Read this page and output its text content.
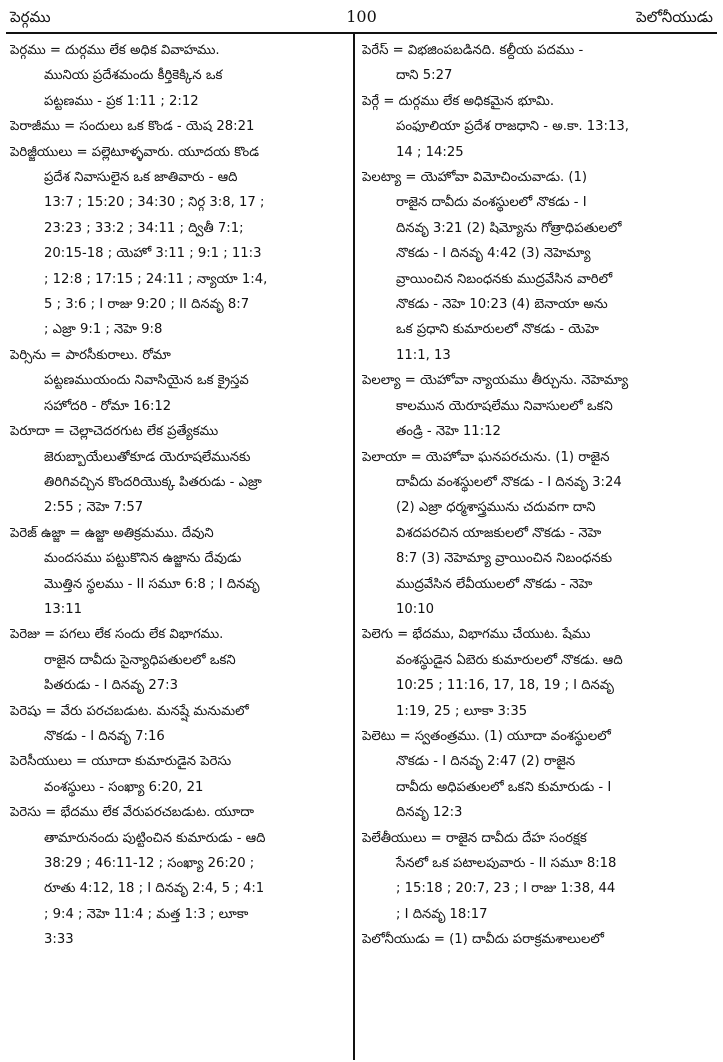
పెర్గము	100	పెలోనీయుడు
పెర్గము = దుర్గము లేక అధిక వివాహము.
మునియ ప్రదేశమందు కీర్తికెక్కిన ఒక
పట్టణము - ప్రక 1:11 ; 2:12
పెరాజీము = సందులు ఒక కొండ - యెష 28:21
పెరిజ్జీయులు = పల్లెటూళ్ళవారు. యూదయ కొండ
ప్రదేశ నివాసులైన ఒక జాతివారు - ఆది
13:7 ; 15:20 ; 34:30 ; నిర్గ 3:8, 17 ;
23:23 ; 33:2 ; 34:11 ; ద్వితీ 7:1;
20:15-18 ; యెహో 3:11 ; 9:1 ; 11:3
; 12:8 ; 17:15 ; 24:11 ; న్యాయా 1:4,
5 ; 3:6 ; I రాజు 9:20 ; II దినవృ 8:7
; ఎజ్రా 9:1 ; నెహె 9:8
పెర్సిను = పారసీకురాలు. రోమా
పట్టణముయందు నివాసియైన ఒక క్రైస్తవ
సహోదరి - రోమా 16:12
పెరూదా = చెల్లాచెదరగుట లేక ప్రత్యేకము
జెరుబ్బాయేలుతోకూడ యెరూషలేమునకు
తిరిగివచ్చిన కొందరియొక్క పితరుడు - ఎజ్రా
2:55 ; నెహె 7:57
పెరెజ్ ఉజ్జా = ఉజ్జా అతిక్రమము. దేవుని
మందసము పట్టుకొనిన ఉజ్జాను దేవుడు
మొత్తిన స్థలము - II సమూ 6:8 ; I దినవృ
13:11
పెరెజు = పగలు లేక సందు లేక విభాగము.
రాజైన దావీదు సైన్యాధిపతులలో ఒకని
పితరుడు - I దినవృ 27:3
పెరెషు = వేరు పరచబడుట. మనష్షే మనుమలో
నొకడు - I దినవృ 7:16
పెరెసీయులు = యూదా కుమారుడైన పెరెసు
వంశస్థులు - సంఖ్యా 6:20, 21
పెరెసు = భేదము లేక వేరుపరచబడుట. యూదా
తామారునందు పుట్టించిన కుమారుడు - ఆది
38:29 ; 46:11-12 ; సంఖ్యా 26:20 ;
రూతు 4:12, 18 ; I దినవృ 2:4, 5 ; 4:1
; 9:4 ; నెహె 11:4 ; మత్త 1:3 ; లూకా
3:33
పెరేస్ = విభజింపబడినది. కల్దీయ పదము -
దాని 5:27
పెర్గే = దుర్గము లేక అధికమైన భూమి.
పంఫూలియా ప్రదేశ రాజధాని - అ.కా. 13:13,
14 ; 14:25
పెలట్యా = యెహోవా విమోచించువాడు. (1)
రాజైన దావీదు వంశస్థులలో నొకడు - I
దినవృ 3:21 (2) షిమ్యోను గోత్రాధిపతులలో
నొకడు - I దినవృ 4:42 (3) నెహెమ్యా
వ్రాయించిన నిబంధనకు ముద్రవేసిన వారిలో
నొకడు - నెహె 10:23 (4) బెనాయా అను
ఒక ప్రధాని కుమారులలో నొకడు - యెహె
11:1, 13
పెలల్యా = యెహోవా న్యాయము తీర్చును. నెహెమ్యా
కాలమున యెరూషలేము నివాసులలో ఒకని
తండ్రి - నెహె 11:12
పెలాయా = యెహోవా ఘనపరచును. (1) రాజైన
దావీదు వంశస్థులలో నొకడు - I దినవృ 3:24
(2) ఎజ్రా ధర్మశాస్త్రమును చదువగా దాని
విశదపరచిన యాజకులలో నొకడు - నెహె
8:7 (3) నెహెమ్యా వ్రాయించిన నిబంధనకు
ముద్రవేసిన లేవీయులలో నొకడు - నెహె
10:10
పెలెగు = భేదము, విభాగము చేయుట. షేము
వంశస్థుడైన ఏబెరు కుమారులలో నొకడు. ఆది
10:25 ; 11:16, 17, 18, 19 ; I దినవృ
1:19, 25 ; లూకా 3:35
పెలెటు = స్వతంత్రము. (1) యూదా వంశస్థులలో
నొకడు - I దినవృ 2:47 (2) రాజైన
దావీదు అధిపతులలో ఒకని కుమారుడు - I
దినవృ 12:3
పెలేతీయులు = రాజైన దావీదు దేహ సంరక్షక
సేనలో ఒక పటాలపువారు - II సమూ 8:18
; 15:18 ; 20:7, 23 ; I రాజు 1:38, 44
; I దినవృ 18:17
పెలోనీయుడు = (1) దావీదు పరాక్రమశాలులలో
